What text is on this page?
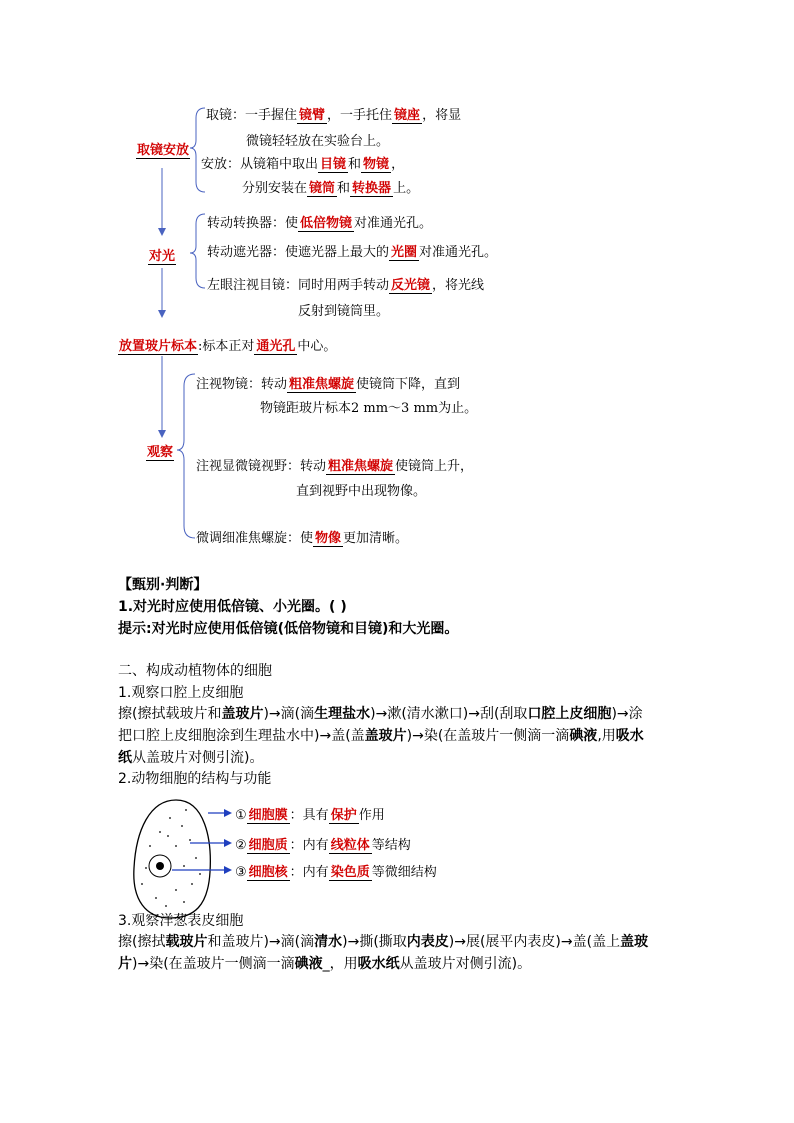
取镜安放
取镜：一手握住 镜臂 ，一手托住 镜座 ，将显
微镜轻轻放在实验台上。
安放：从镜箱中取出 目镜 和 物镜 ，
分别安装在 镜筒 和 转换器 上。
对光
转动转换器：使 低倍物镜 对准通光孔。
转动遮光器：使遮光器上最大的 光圈 对准通光孔。
左眼注视目镜：同时用两手转动 反光镜 ，将光线
反射到镜筒里。
放置玻片标本:标本正对 通光孔 中心。
观察
注视物镜：转动 粗准焦螺旋 使镜筒下降，直到
物镜距玻片标本2 mm～3 mm为止。
注视显微镜视野：转动 粗准焦螺旋 使镜筒上升，
直到视野中出现物像。
微调细准焦螺旋：使 物像 更加清晰。
【甄别·判断】
1.对光时应使用低倍镜、小光圈。( )
提示:对光时应使用低倍镜(低倍物镜和目镜)和大光圈。
二、构成动植物体的细胞
1.观察口腔上皮细胞
擦(擦拭载玻片和盖玻片)→滴(滴生理盐水)→漱(清水漱口)→刮(刮取口腔上皮细胞)→涂
把口腔上皮细胞涂到生理盐水中)→盖(盖盖玻片)→染(在盖玻片一侧滴一滴碘液,用吸水
纸从盖玻片对侧引流)。
2.动物细胞的结构与功能
① 细胞膜 ：具有 保护 作用
② 细胞质 ：内有 线粒体 等结构
③ 细胞核 ：内有 染色质 等微细结构
3.观察洋葱表皮细胞
擦(擦拭载玻片和盖玻片)→滴(滴清水)→撕(撕取内表皮)→展(展平内表皮)→盖(盖上盖玻
片)→染(在盖玻片一侧滴一滴碘液_，用吸水纸从盖玻片对侧引流)。
